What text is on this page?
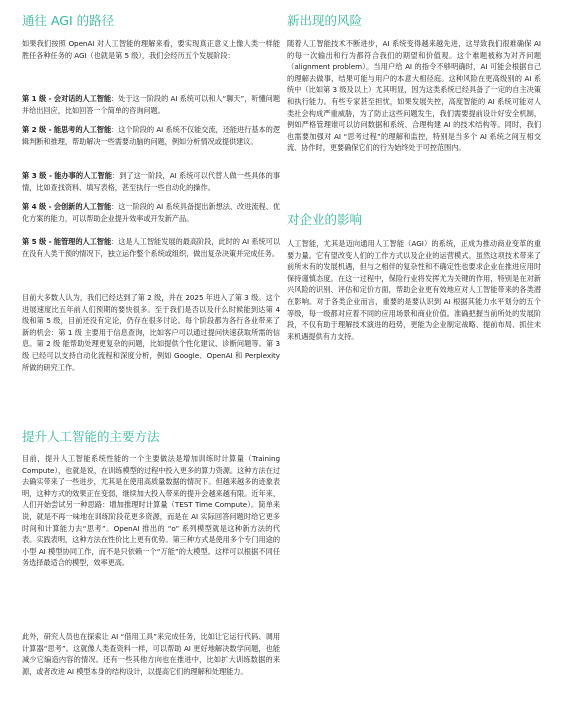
通往 AGI 的路径

如果我们按照 OpenAI 对人工智能的理解来看，要实现真正意义上像人类一样能胜任各种任务的 AGI（也就是第 5 级），我们会经历五个发展阶段：

第 1 级 - 会对话的人工智能：处于这一阶段的 AI 系统可以和人“聊天”，听懂问题并给出回应，比如回答一个简单的咨询问题。

第 2 级 - 能思考的人工智能：这个阶段的 AI 系统不仅能交流，还能进行基本的逻辑判断和推理，帮助解决一些需要动脑的问题，例如分析情况或提供建议。

第 3 级 - 能办事的人工智能：到了这一阶段，AI 系统可以代替人做一些具体的事情，比如查找资料、填写表格，甚至执行一些自动化的操作。

第 4 级 - 会创新的人工智能：这一阶段的 AI 系统具备提出新想法、改进流程、优化方案的能力，可以帮助企业提升效率或开发新产品。

第 5 级 - 能管理的人工智能：这是人工智能发展的最高阶段，此时的 AI 系统可以在没有人类干预的情况下，独立运作整个系统或组织，做出复杂决策并完成任务。

目前大多数人认为，我们已经达到了第 2 级，并在 2025 年进入了第 3 级。这个进展速度比五年前人们预期的要快很多。至于我们是否以及什么时候能到达第 4 级和第 5 级，目前还没有定论，仍存在很多讨论。每个阶段都为各行各业带来了新的机会：第 1 级 主要用于信息查询，比如客户可以通过提问快速获取所需的信息。第 2 级 能帮助处理更复杂的问题，比如提供个性化建议、诊断问题等。第 3 级 已经可以支持自动化流程和深度分析，例如 Google、OpenAI 和 Perplexity 所做的研究工作。

提升人工智能的主要方法

目前，提升人工智能系统性能的一个主要做法是增加训练时计算量（Training Compute），也就是说，在训练模型的过程中投入更多的算力资源。这种方法在过去确实带来了一些进步，尤其是在使用高质量数据的情况下。但越来越多的迹象表明，这种方式的效果正在变弱，继续加大投入带来的提升会越来越有限。近年来，人们开始尝试另一种思路：增加推理时计算量（TEST Time Compute）。简单来说，就是不再一味地在训练阶段花更多资源，而是在 AI 实际回答问题时给它更多时间和计算能力去“思考”。OpenAI 推出的 “o” 系列模型就是这种新方法的代表。实践表明，这种方法在性价比上更有优势。第三种方式是使用多个专门用途的小型 AI 模型协同工作，而不是只依赖一个“万能”的大模型。这样可以根据不同任务选择最适合的模型，效率更高。

此外，研究人员也在探索让 AI “借用工具”来完成任务，比如让它运行代码、调用计算器“思考”。这就像人类查资料一样，可以帮助 AI 更好地解决数学问题，也能减少它编造内容的情况。还有一些其他方向也在推进中，比如扩大训练数据的来源，或者改进 AI 模型本身的结构设计，以提高它们的理解和处理能力。

新出现的风险

随着人工智能技术不断进步，AI 系统变得越来越先进，这导致我们很难确保 AI 的每一次输出和行为都符合我们的期望和价值观。这个难题被称为对齐问题（alignment problem）。当用户给 AI 的指令不够明确时，AI 可能会根据自己的理解去做事，结果可能与用户的本意大相径庭。这种风险在更高级别的 AI 系统中（比如第 3 级及以上）尤其明显，因为这类系统已经具备了一定的自主决策和执行能力。有些专家甚至担忧，如果发展失控，高度智能的 AI 系统可能对人类社会构成严重威胁，为了防止这些问题发生，我们需要提前设计好安全机制，例如严格管理谁可以访问数据和系统、合理构建 AI 的技术结构等。同时，我们也需要加强对 AI “思考过程”的理解和监控，特别是当多个 AI 系统之间互相交流、协作时，更要确保它们的行为始终处于可控范围内。

对企业的影响

人工智能，尤其是迈向通用人工智能（AGI）的系统，正成为推动商业变革的重要力量。它有望改变人们的工作方式以及企业的运营模式。虽然这项技术带来了前所未有的发展机遇，但与之相伴的复杂性和不确定性也要求企业在推进应用时保持谨慎态度。在这一过程中，保险行业将发挥尤为关键的作用，特别是在对新兴风险的识别、评估和定价方面，帮助企业更有效地应对人工智能带来的各类潜在影响。对于各类企业而言，重要的是要认识到 AI 根据其能力水平划分的五个等级，每一级都对应着不同的应用场景和商业价值。准确把握当前所处的发展阶段，不仅有助于理解技术演进的趋势，更能为企业制定战略、提前布局、抓住未来机遇提供有力支持。
